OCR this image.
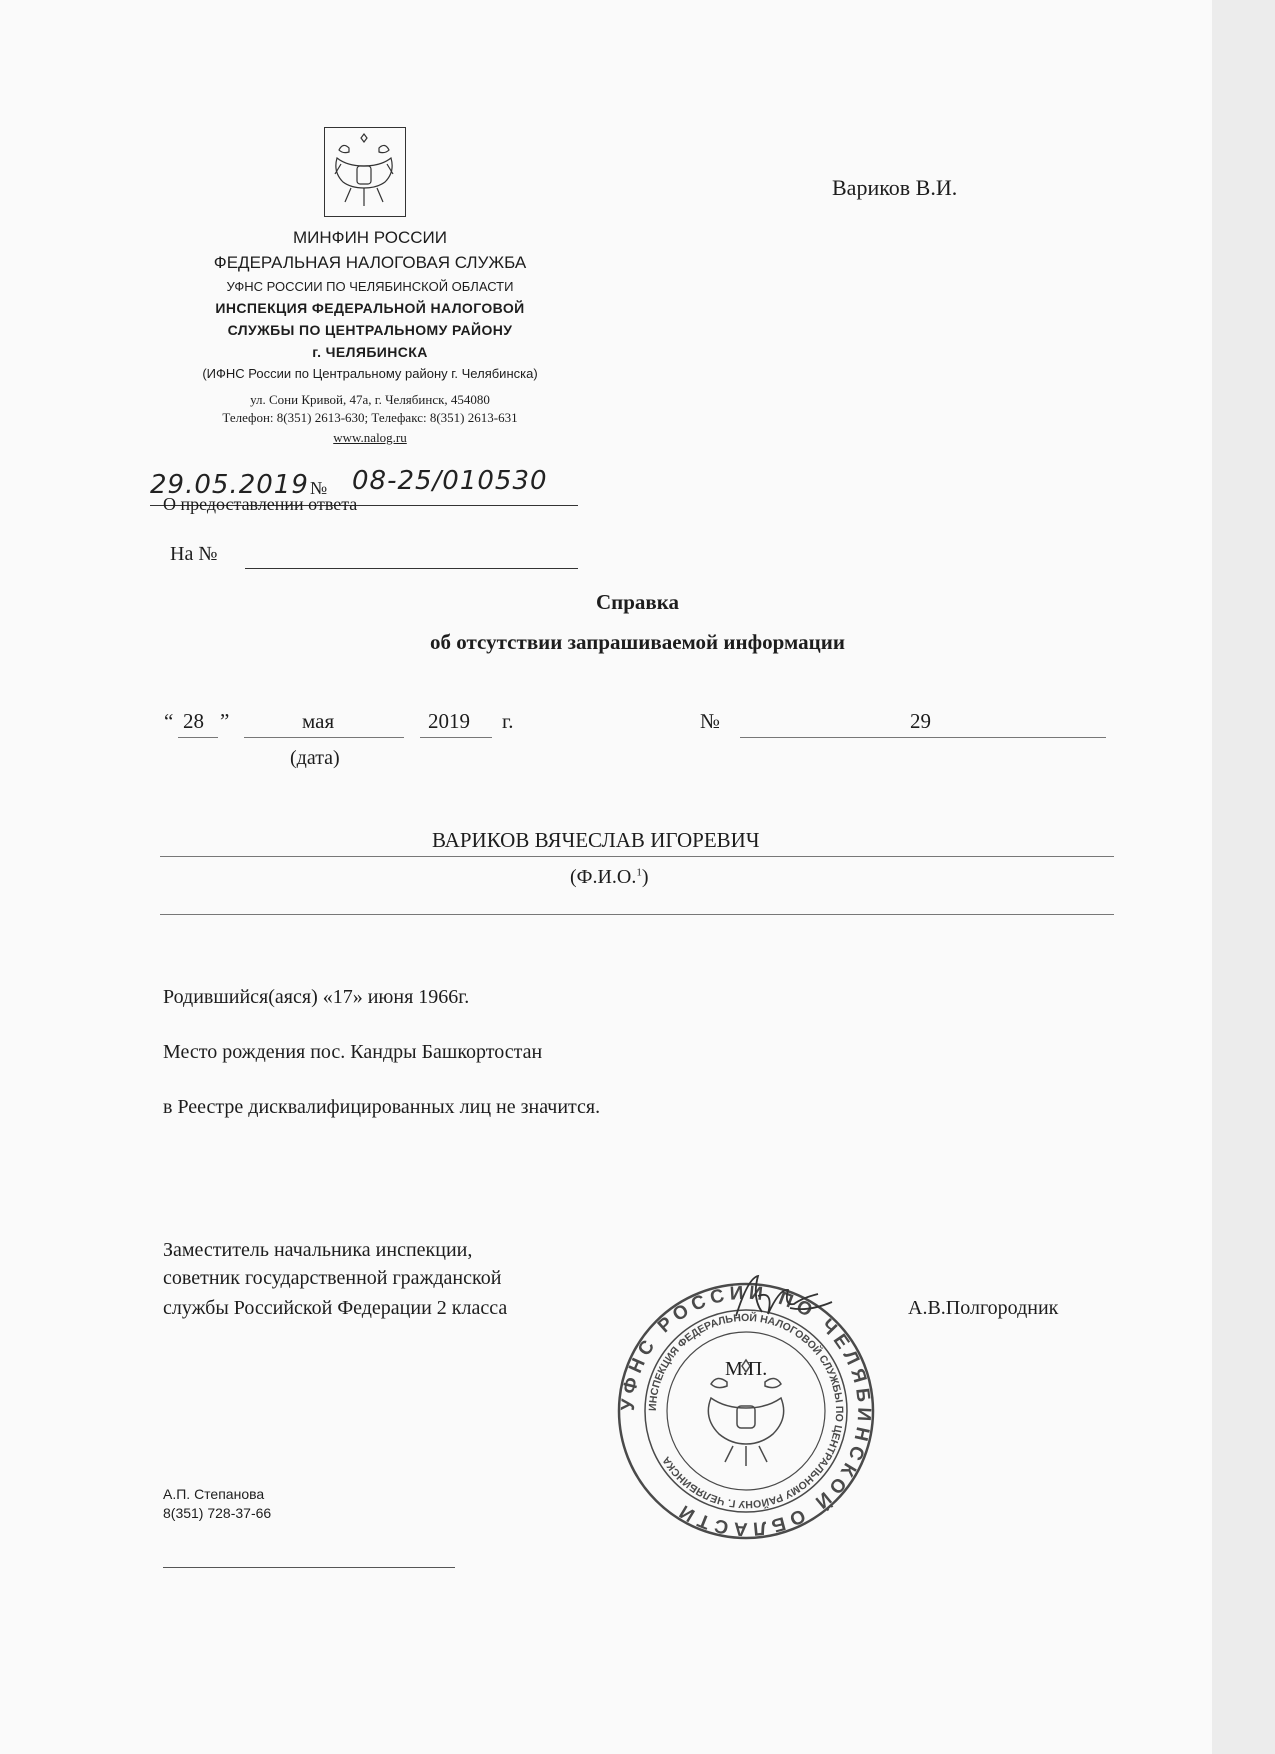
МИНФИН РОССИИ
ФЕДЕРАЛЬНАЯ НАЛОГОВАЯ СЛУЖБА
УФНС РОССИИ ПО ЧЕЛЯБИНСКОЙ ОБЛАСТИ
ИНСПЕКЦИЯ ФЕДЕРАЛЬНОЙ НАЛОГОВОЙ
СЛУЖБЫ ПО ЦЕНТРАЛЬНОМУ РАЙОНУ
г. ЧЕЛЯБИНСКА
(ИФНС России по Центральному району г. Челябинска)
ул. Сони Кривой, 47а, г. Челябинск, 454080
Телефон: 8(351) 2613-630; Телефакс: 8(351) 2613-631
www.nalog.ru
Вариков В.И.
29.05.2019 № 08-25/010530
О предоставлении ответа
На №
Справка
об отсутствии запрашиваемой информации
“ 28 ”	мая	2019 г.
(дата)
№	29
ВАРИКОВ ВЯЧЕСЛАВ ИГОРЕВИЧ
(Ф.И.О.$^1$)
Родившийся(аяся) «17» июня 1966г.
Место рождения пос. Кандры Башкортостан
в Реестре дисквалифицированных лиц не значится.
Заместитель начальника инспекции,
советник государственной гражданской
службы Российской Федерации 2 класса	А.В.Полгородник
УФНС РОССИИ ПО ЧЕЛЯБИНСКОЙ ОБЛАСТИ
ИНСПЕКЦИЯ ФЕДЕРАЛЬНОЙ НАЛОГОВОЙ СЛУЖБЫ ПО ЦЕНТРАЛЬНОМУ РАЙОНУ Г. ЧЕЛЯБИНСКА
М.П.
А.П. Степанова
8(351) 728-37-66
